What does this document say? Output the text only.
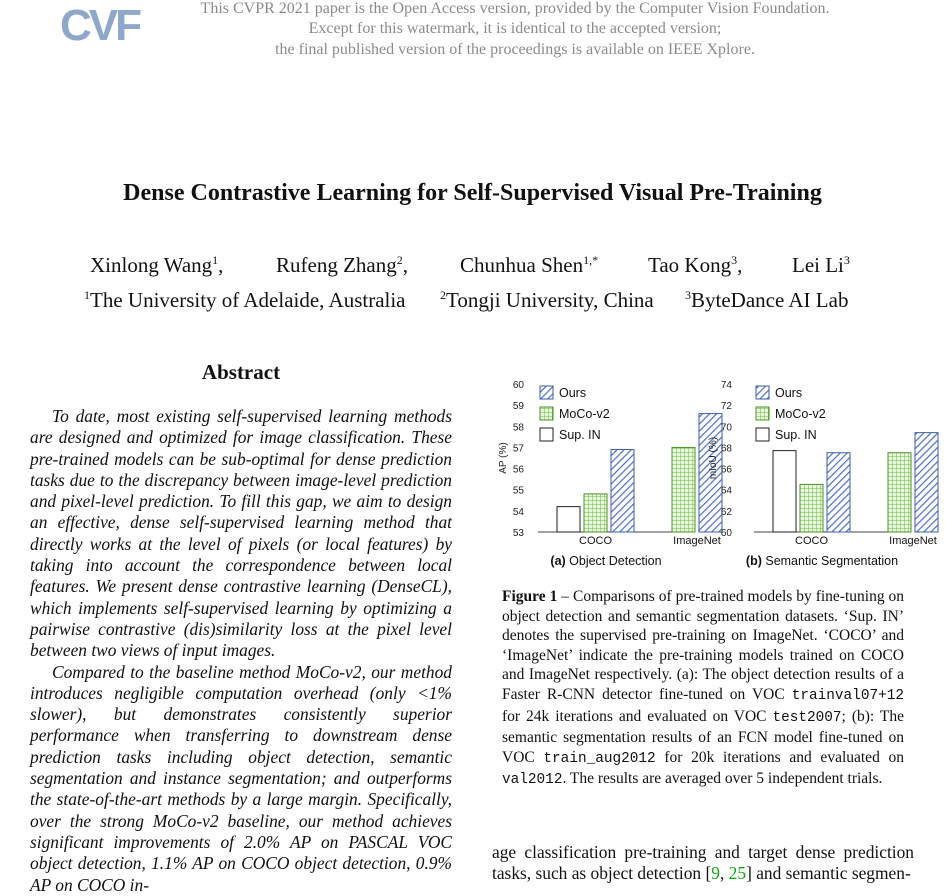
CVF	This CVPR 2021 paper is the Open Access version, provided by the Computer Vision Foundation.
Except for this watermark, it is identical to the accepted version;
the final published version of the proceedings is available on IEEE Xplore.
Dense Contrastive Learning for Self-Supervised Visual Pre-Training
Xinlong Wang$^1$,	Rufeng Zhang$^2$, Chunhua Shen$^{1,*}$ Tao Kong$^3$, Lei Li$^3$
$^1$The University of Adelaide, Australia	$^2$Tongji University, China	$^3$ByteDance AI Lab
Abstract

To date, most existing self-supervised learning methods are designed and optimized for image classification. These pre-trained models can be sub-optimal for dense prediction tasks due to the discrepancy between image-level prediction and pixel-level prediction. To fill this gap, we aim to design an effective, dense self-supervised learning method that directly works at the level of pixels (or local features) by taking into account the correspondence between local features. We present dense contrastive learning (DenseCL), which implements self-supervised learning by optimizing a pairwise contrastive (dis)similarity loss at the pixel level between two views of input images.

Compared to the baseline method MoCo-v2, our method introduces negligible computation overhead (only <1% slower), but demonstrates consistently superior performance when transferring to downstream dense prediction tasks including object detection, semantic segmentation and instance segmentation; and outperforms the state-of-the-art methods by a large margin. Specifically, over the strong MoCo-v2 baseline, our method achieves significant improvements of 2.0% AP on PASCAL VOC object detection, 1.1% AP on COCO object detection, 0.9% AP on COCO in-

53
54
55
56
57
58
59
60
AP (%)
COCO	ImageNet
Ours
MoCo-v2
Sup. IN
(a) Object Detection
60
62
64
66
68
70
72
74
mIoU (%)
COCO	ImageNet
Ours
MoCo-v2
Sup. IN
(b) Semantic Segmentation
Figure 1 – Comparisons of pre-trained models by fine-tuning on object detection and semantic segmentation datasets. ‘Sup. IN’ denotes the supervised pre-training on ImageNet. ‘COCO’ and ‘ImageNet’ indicate the pre-training models trained on COCO and ImageNet respectively. (a): The object detection results of a Faster R-CNN detector fine-tuned on VOC trainval07+12 for 24k iterations and evaluated on VOC test2007; (b): The semantic segmentation results of an FCN model fine-tuned on VOC train_aug2012 for 20k iterations and evaluated on val2012. The results are averaged over 5 independent trials.
age classification pre-training and target dense prediction tasks, such as object detection [9, 25] and semantic segmen-
